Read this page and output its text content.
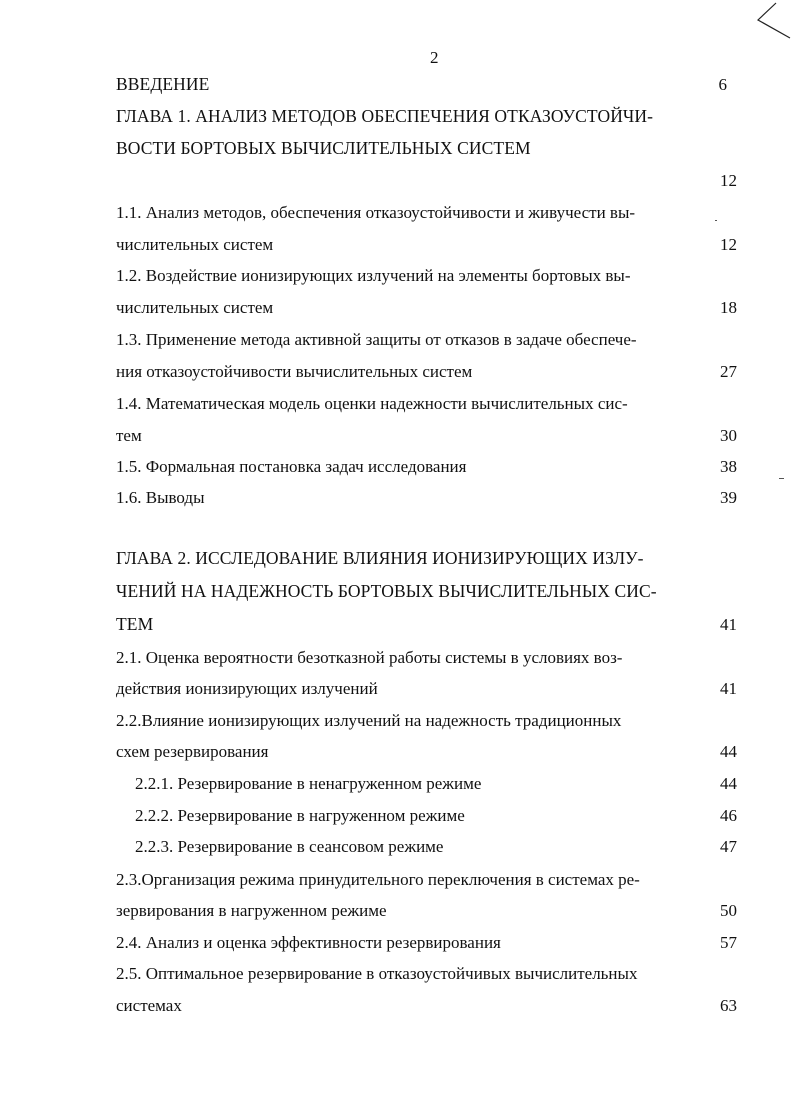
2
ВВЕДЕНИЕ	6
ГЛАВА 1. АНАЛИЗ МЕТОДОВ ОБЕСПЕЧЕНИЯ ОТКАЗОУСТОЙЧИ-
ВОСТИ БОРТОВЫХ ВЫЧИСЛИТЕЛЬНЫХ СИСТЕМ
12
1.1. Анализ методов, обеспечения отказоустойчивости и живучести вы-
числительных систем	12
1.2. Воздействие ионизирующих излучений на элементы бортовых вы-
числительных систем	18
1.3. Применение метода активной защиты от отказов в задаче обеспече-
ния отказоустойчивости вычислительных систем	27
1.4. Математическая модель оценки надежности вычислительных сис-
тем	30
1.5. Формальная постановка задач исследования	38
1.6. Выводы	39
ГЛАВА 2. ИССЛЕДОВАНИЕ ВЛИЯНИЯ ИОНИЗИРУЮЩИХ ИЗЛУ-
ЧЕНИЙ НА НАДЕЖНОСТЬ БОРТОВЫХ ВЫЧИСЛИТЕЛЬНЫХ СИС-
ТЕМ	41
2.1. Оценка вероятности безотказной работы системы в условиях воз-
действия ионизирующих излучений	41
2.2.Влияние ионизирующих излучений на надежность традиционных
схем резервирования	44
2.2.1. Резервирование в ненагруженном режиме	44
2.2.2. Резервирование в нагруженном режиме	46
2.2.3. Резервирование в сеансовом режиме	47
2.3.Организация режима принудительного переключения в системах ре-
зервирования в нагруженном режиме	50
2.4. Анализ и оценка эффективности резервирования	57
2.5. Оптимальное резервирование в отказоустойчивых вычислительных
системах	63
